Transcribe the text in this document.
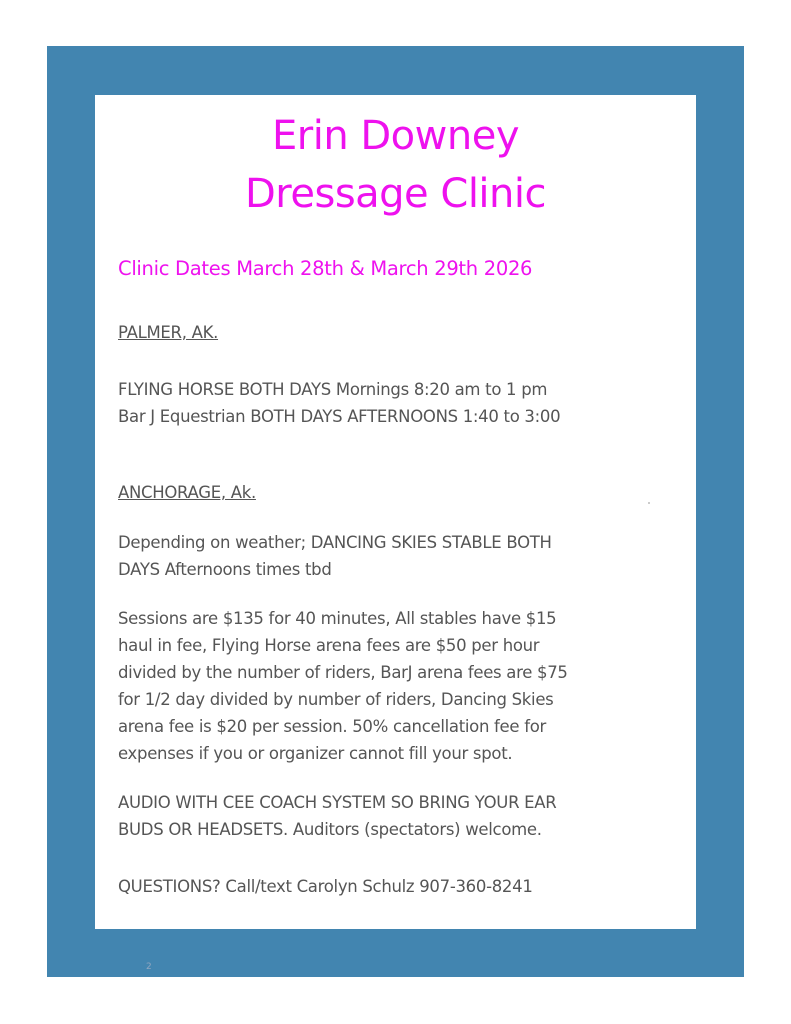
Erin Downey
Dressage Clinic
Clinic Dates March 28th & March 29th 2026
PALMER, AK.
FLYING HORSE BOTH DAYS Mornings 8:20 am to 1 pm
Bar J Equestrian BOTH DAYS AFTERNOONS 1:40 to 3:00
ANCHORAGE, Ak.
Depending on weather; DANCING SKIES STABLE BOTH
DAYS Afternoons times tbd
Sessions are $135 for 40 minutes, All stables have $15
haul in fee, Flying Horse arena fees are $50 per hour
divided by the number of riders, BarJ arena fees are $75
for 1/2 day divided by number of riders, Dancing Skies
arena fee is $20 per session. 50% cancellation fee for
expenses if you or organizer cannot fill your spot.
AUDIO WITH CEE COACH SYSTEM SO BRING YOUR EAR
BUDS OR HEADSETS. Auditors (spectators) welcome.
QUESTIONS? Call/text Carolyn Schulz 907-360-8241
2
